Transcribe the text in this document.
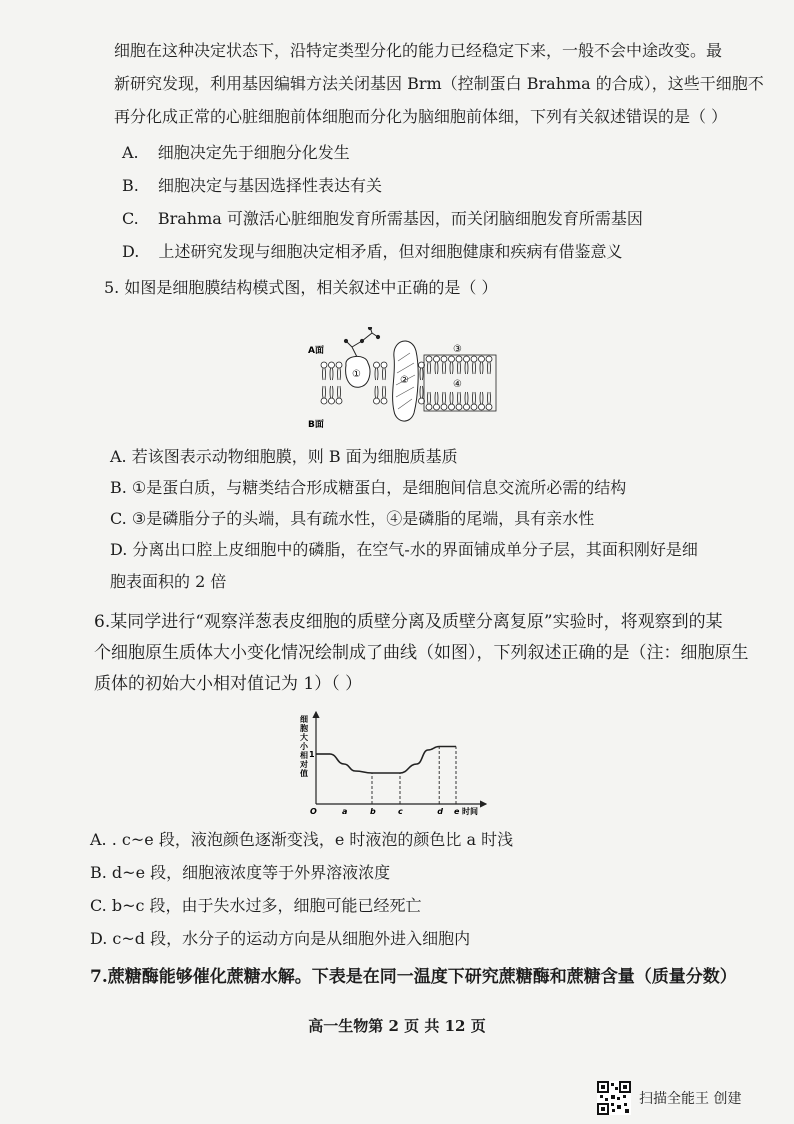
细胞在这种决定状态下，沿特定类型分化的能力已经稳定下来，一般不会中途改变。最
新研究发现，利用基因编辑方法关闭基因 Brm（控制蛋白 Brahma 的合成），这些干细胞不
再分化成正常的心脏细胞前体细胞而分化为脑细胞前体细，下列有关叙述错误的是（ ）
A. 细胞决定先于细胞分化发生
B. 细胞决定与基因选择性表达有关
C. Brahma 可激活心脏细胞发育所需基因，而关闭脑细胞发育所需基因
D. 上述研究发现与细胞决定相矛盾，但对细胞健康和疾病有借鉴意义
5. 如图是细胞膜结构模式图，相关叙述中正确的是（ ）
A面
B面
①
②
③
④
A. 若该图表示动物细胞膜，则 B 面为细胞质基质
B. ①是蛋白质，与糖类结合形成糖蛋白，是细胞间信息交流所必需的结构
C. ③是磷脂分子的头端，具有疏水性，④是磷脂的尾端，具有亲水性
D. 分离出口腔上皮细胞中的磷脂，在空气-水的界面铺成单分子层，其面积刚好是细
胞表面积的 2 倍
6.某同学进行“观察洋葱表皮细胞的质壁分离及质壁分离复原”实验时，将观察到的某
个细胞原生质体大小变化情况绘制成了曲线（如图），下列叙述正确的是（注：细胞原生
质体的初始大小相对值记为 1）（ ）
细
胞
大
小
相
对
值
1
O	a	b	c	d e 时间
A. . c~e 段，液泡颜色逐渐变浅，e 时液泡的颜色比 a 时浅
B. d~e 段，细胞液浓度等于外界溶液浓度
C. b~c 段，由于失水过多，细胞可能已经死亡
D. c~d 段，水分子的运动方向是从细胞外进入细胞内
7.蔗糖酶能够催化蔗糖水解。下表是在同一温度下研究蔗糖酶和蔗糖含量（质量分数）
高一生物第 2 页 共 12 页
扫描全能王 创建
